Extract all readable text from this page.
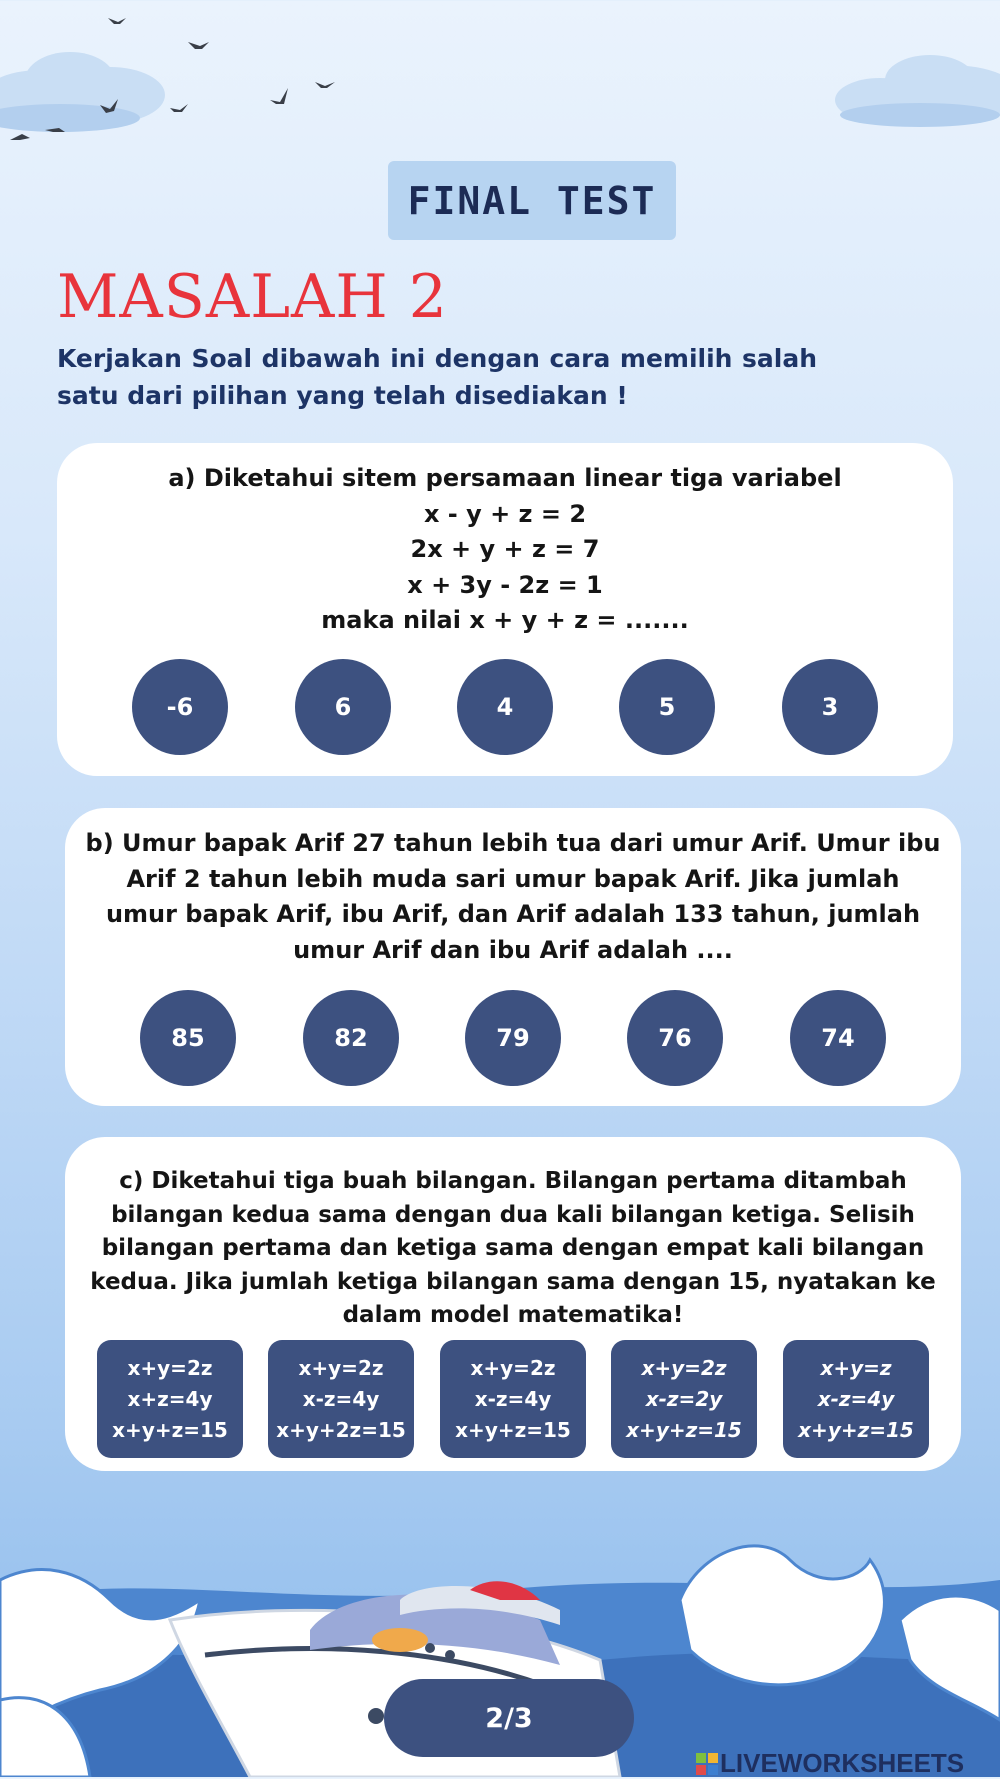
FINAL TEST
MASALAH 2
Kerjakan Soal dibawah ini dengan cara memilih salah satu dari pilihan yang telah disediakan !
a) Diketahui sitem persamaan linear tiga variabel
x - y + z = 2
2x + y + z = 7
x + 3y - 2z = 1
maka nilai x + y + z = .......
-6	6	4	5	3
b) Umur bapak Arif 27 tahun lebih tua dari umur Arif. Umur ibu
Arif 2 tahun lebih muda sari umur bapak Arif. Jika jumlah
umur bapak Arif, ibu Arif, dan Arif adalah 133 tahun, jumlah
umur Arif dan ibu Arif adalah ....
85	82	79	76	74
c) Diketahui tiga buah bilangan. Bilangan pertama ditambah
bilangan kedua sama dengan dua kali bilangan ketiga. Selisih
bilangan pertama dan ketiga sama dengan empat kali bilangan
kedua. Jika jumlah ketiga bilangan sama dengan 15, nyatakan ke
dalam model matematika!
x+y=2z
x+z=4y
x+y+z=15
x+y=2z
x-z=4y
x+y+2z=15
x+y=2z
x-z=4y
x+y+z=15
x+y=2z
x-z=2y
x+y+z=15
x+y=z
x-z=4y
x+y+z=15
2/3
LIVEWORKSHEETS
